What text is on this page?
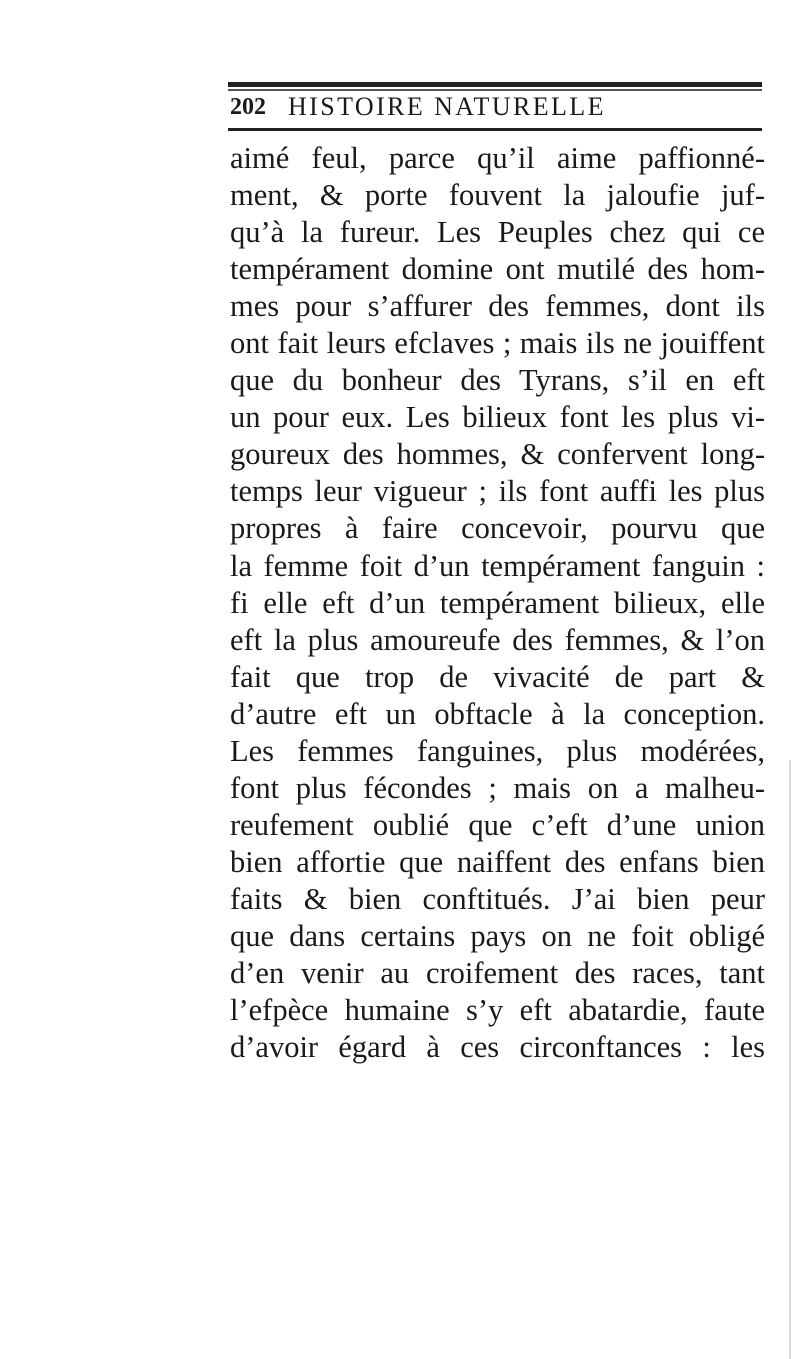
202 HISTOIRE NATURELLE
aimé feul, parce qu’il aime paffionné-
ment, & porte fouvent la jaloufie juf-
qu’à la fureur. Les Peuples chez qui ce
tempérament domine ont mutilé des hom-
mes pour s’affurer des femmes, dont ils
ont fait leurs efclaves ; mais ils ne jouiffent
que du bonheur des Tyrans, s’il en eft
un pour eux. Les bilieux font les plus vi-
goureux des hommes, & confervent long-
temps leur vigueur ; ils font auffi les plus
propres à faire concevoir, pourvu que
la femme foit d’un tempérament fanguin :
fi elle eft d’un tempérament bilieux, elle
eft la plus amoureufe des femmes, & l’on
fait que trop de vivacité de part &
d’autre eft un obftacle à la conception.
Les femmes fanguines, plus modérées,
font plus fécondes ; mais on a malheu-
reufement oublié que c’eft d’une union
bien affortie que naiffent des enfans bien
faits & bien conftitués. J’ai bien peur
que dans certains pays on ne foit obligé
d’en venir au croifement des races, tant
l’efpèce humaine s’y eft abatardie, faute
d’avoir égard à ces circonftances : les
